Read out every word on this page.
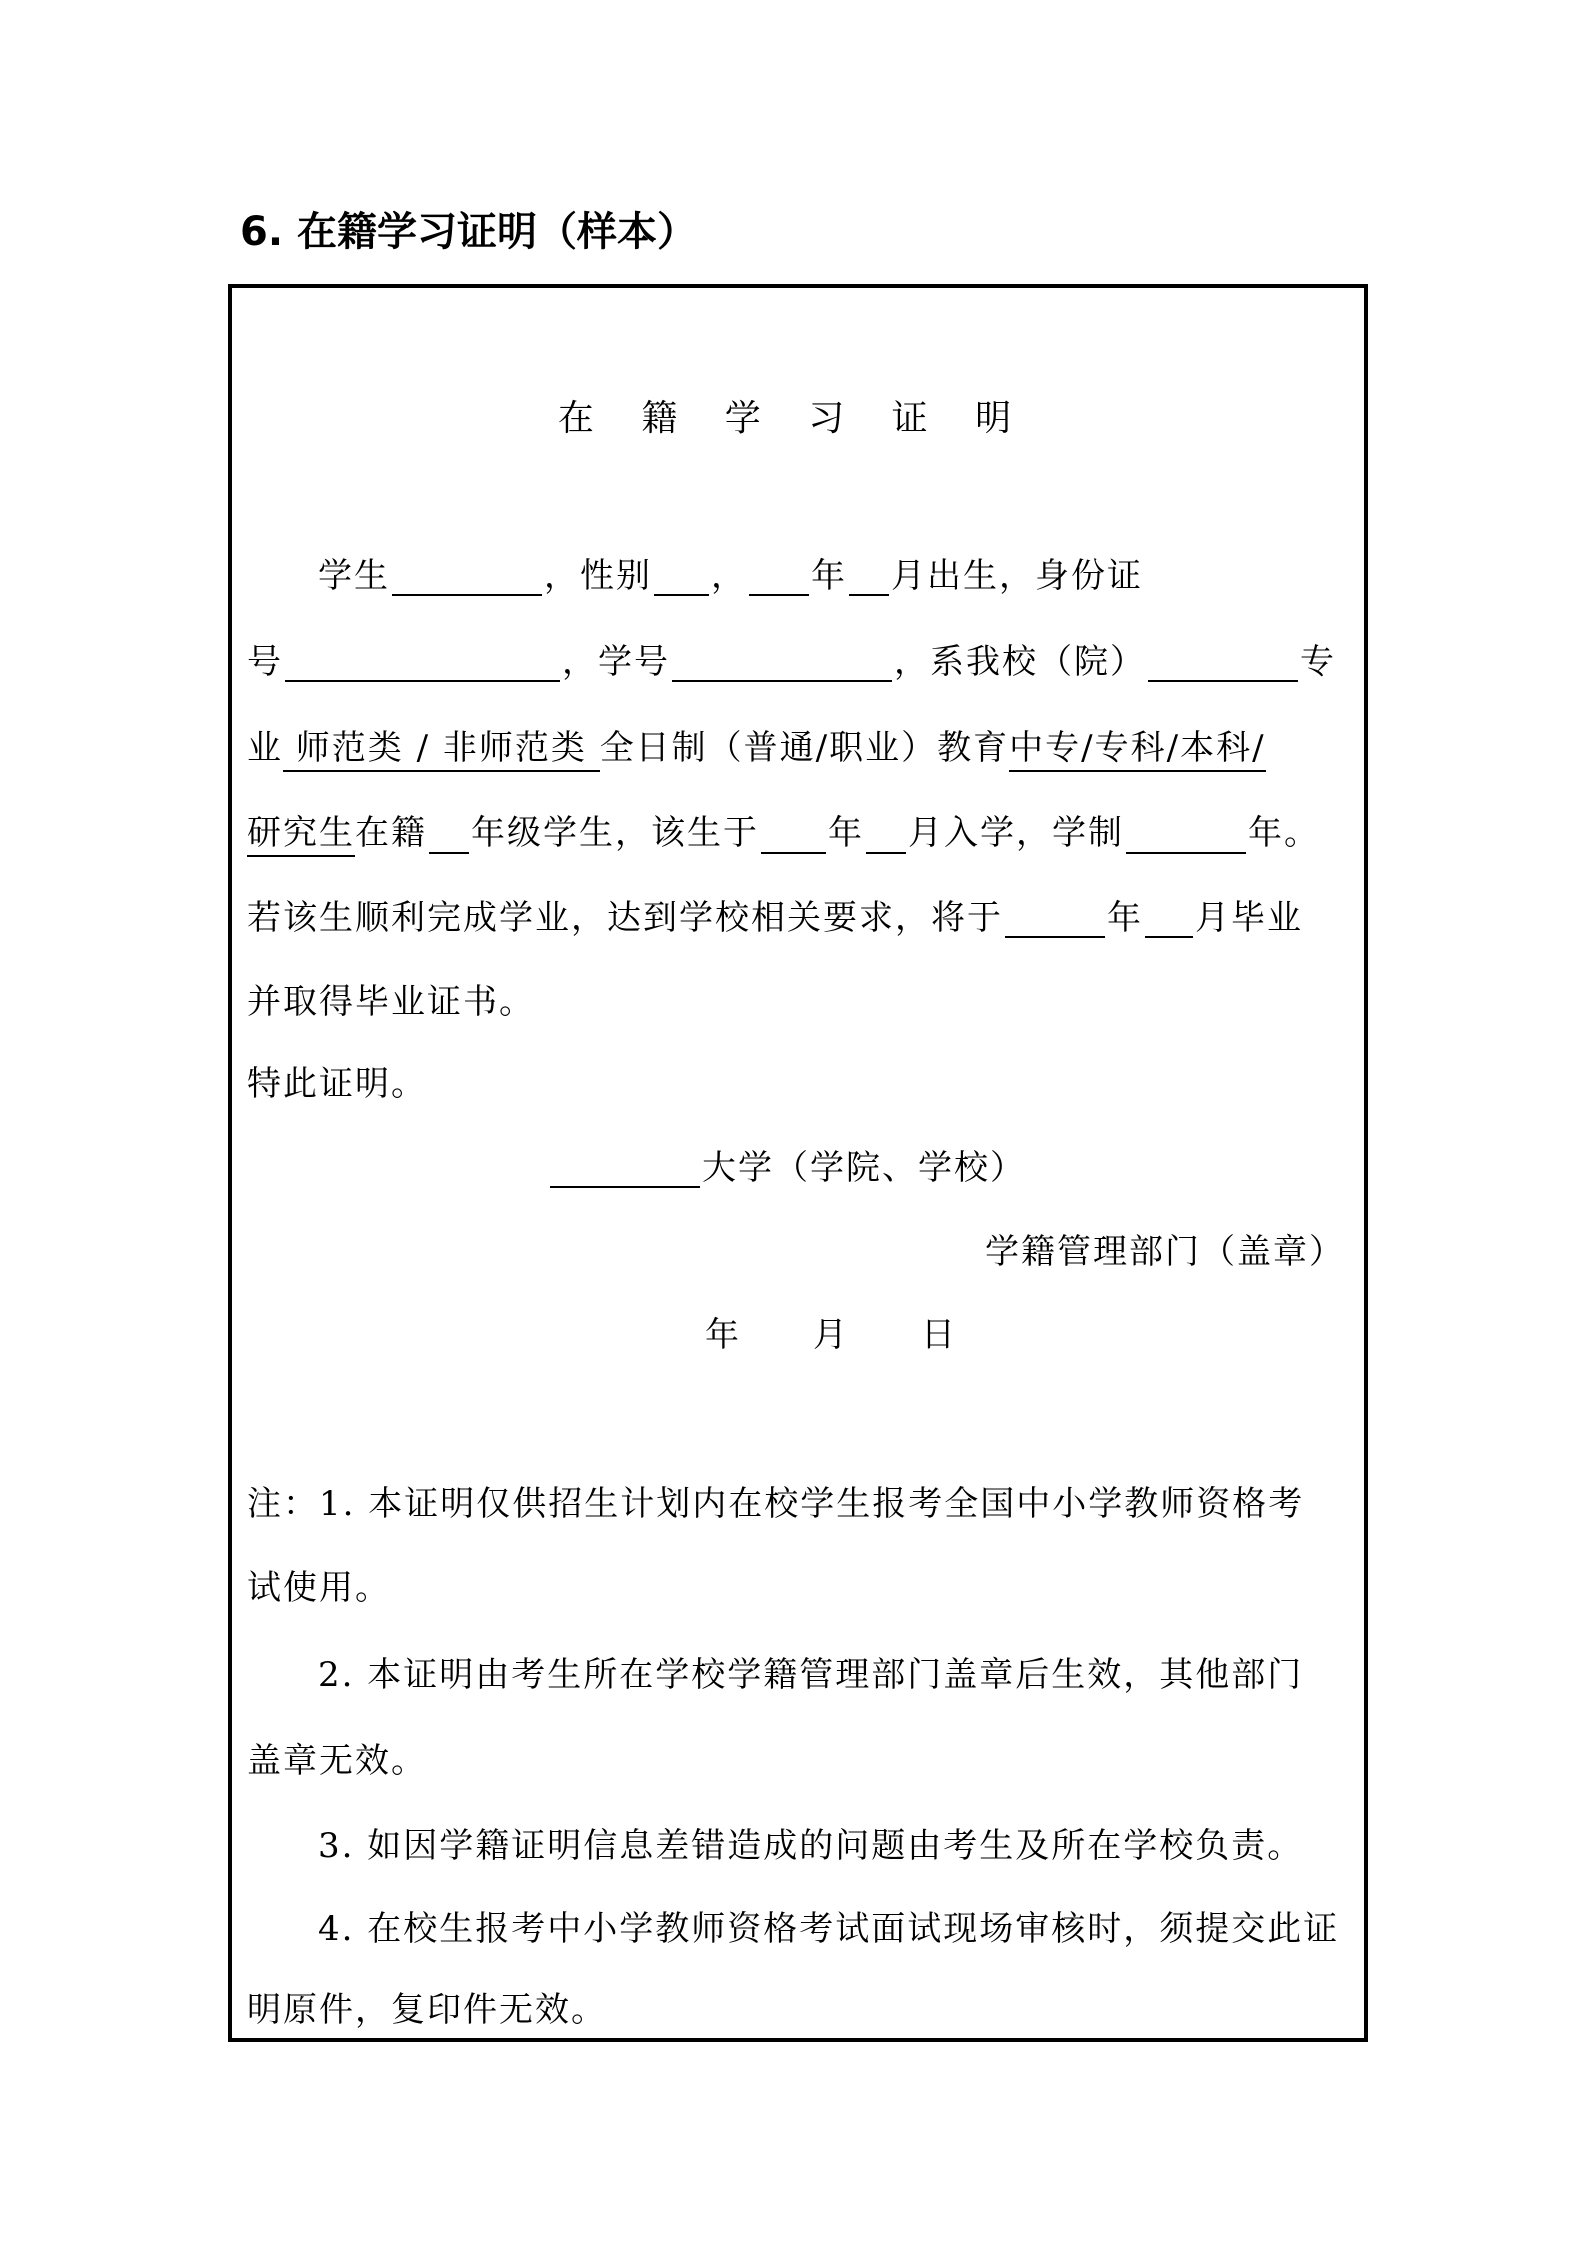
6. 在籍学习证明（样本）
在 籍 学 习 证 明
学生	，性别 ， 年 月出生，身份证
号	，学号	，系我校（院）	专
业 师范类 / 非师范类 全日制（普通/职业）教育中专/专科/本科/
研究生在籍 年级学生，该生于 年 月入学，学制	年。
若该生顺利完成学业，达到学校相关要求，将于	年 月毕业
并取得毕业证书。
特此证明。
大学（学院、学校）
学籍管理部门（盖章）
年　　月　　日
注：1. 本证明仅供招生计划内在校学生报考全国中小学教师资格考
试使用。
2. 本证明由考生所在学校学籍管理部门盖章后生效，其他部门
盖章无效。
3. 如因学籍证明信息差错造成的问题由考生及所在学校负责。
4. 在校生报考中小学教师资格考试面试现场审核时，须提交此证
明原件，复印件无效。
